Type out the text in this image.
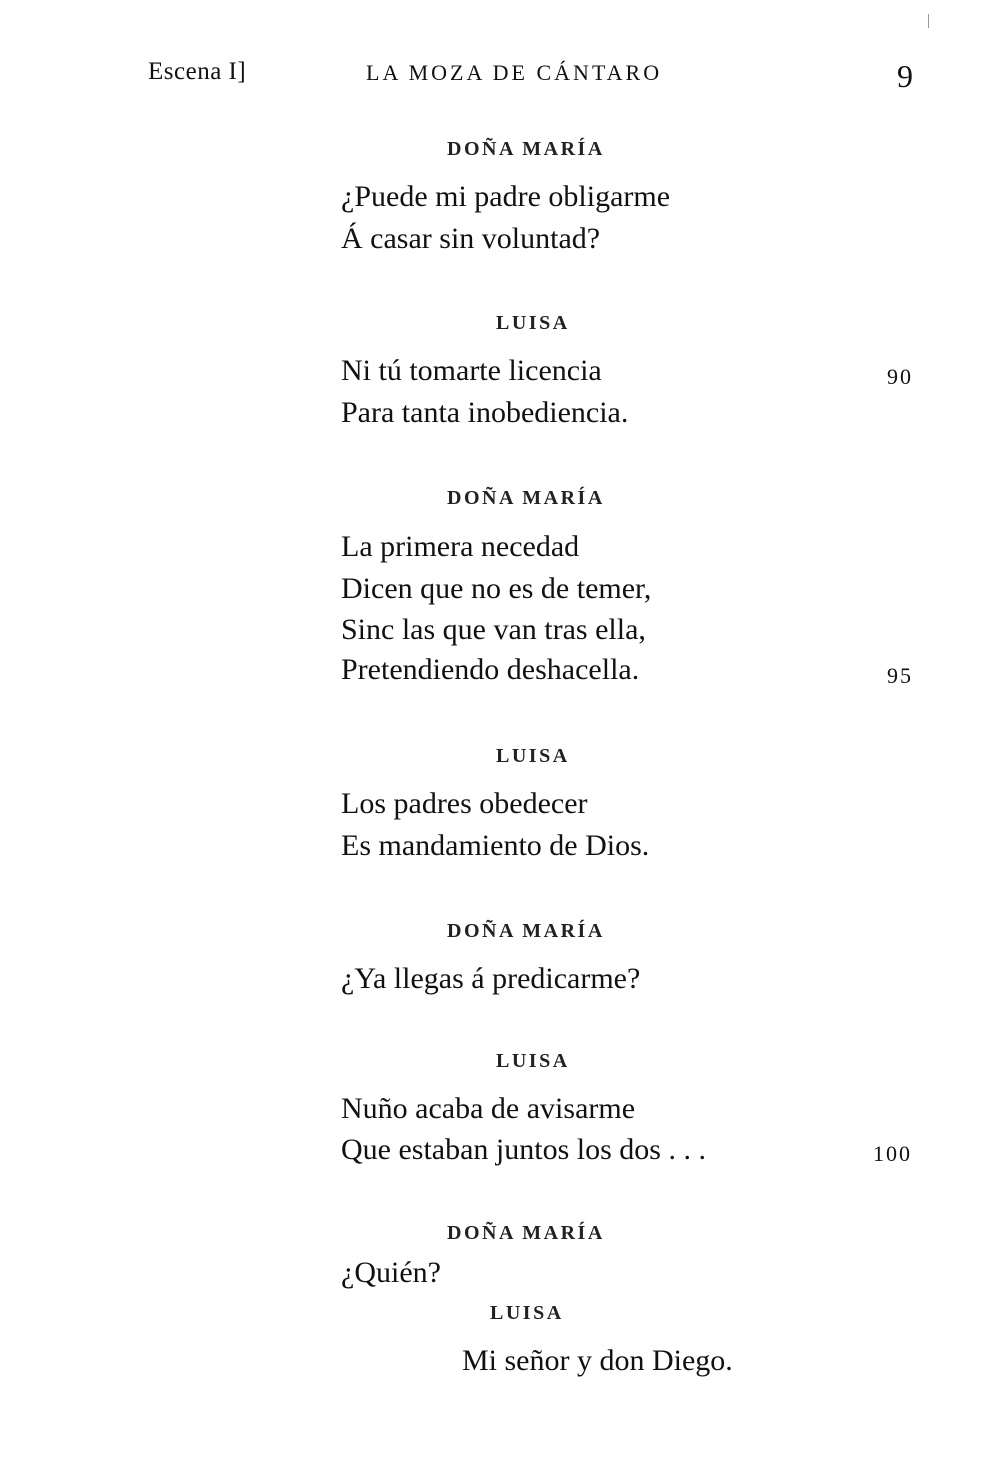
Escena I]	LA MOZA DE CÁNTARO	9
DOÑA MARÍA
¿Puede mi padre obligarme
Á casar sin voluntad?
LUISA
Ni tú tomarte licencia	90
Para tanta inobediencia.
DOÑA MARÍA
La primera necedad
Dicen que no es de temer,
Sinc las que van tras ella,
Pretendiendo deshacella.	95
LUISA
Los padres obedecer
Es mandamiento de Dios.
DOÑA MARÍA
¿Ya llegas á predicarme?
LUISA
Nuño acaba de avisarme
Que estaban juntos los dos . . .	100
DOÑA MARÍA
¿Quién?
LUISA
Mi señor y don Diego.
